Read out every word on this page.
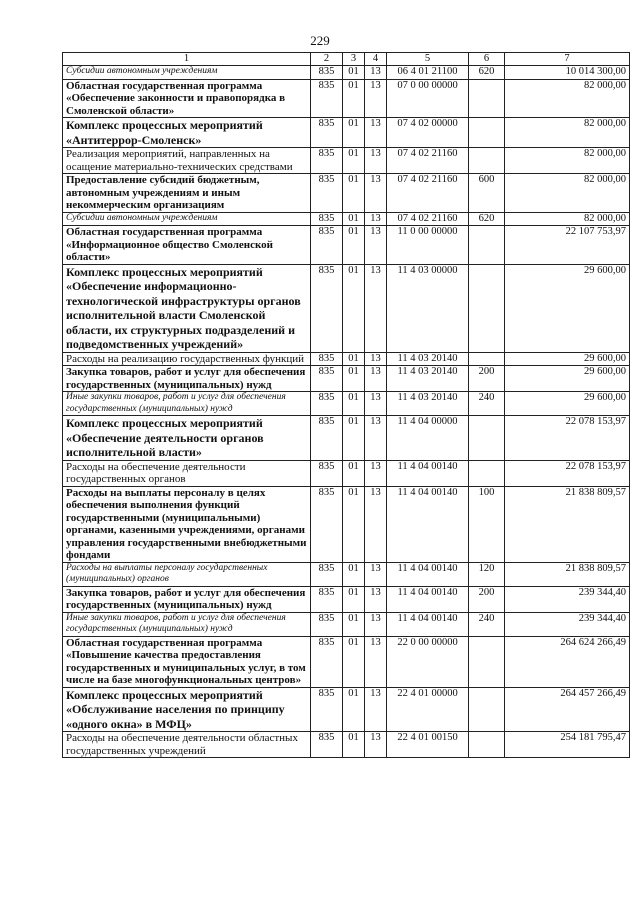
229
1	2	3	4	5	6	7
Субсидии автономным учреждениям	835	01	13	06 4 01 21100	620	10 014 300,00
Областная государственная программа «Обеспечение законности и правопорядка в Смоленской области»	835	01	13	07 0 00 00000		82 000,00
Комплекс процессных мероприятий «Антитеррор-Смоленск»	835	01	13	07 4 02 00000		82 000,00
Реализация мероприятий, направленных на осащение материально-технических средствами	835	01	13	07 4 02 21160		82 000,00
Предоставление субсидий бюджетным, автономным учреждениям и иным некоммерческим организациям	835	01	13	07 4 02 21160	600	82 000,00
Субсидии автономным учреждениям	835	01	13	07 4 02 21160	620	82 000,00
Областная государственная программа «Информационное общество Смоленской области»	835	01	13	11 0 00 00000		22 107 753,97
Комплекс процессных мероприятий «Обеспечение информационно-технологической инфраструктуры органов исполнительной власти Смоленской области, их структурных подразделений и подведомственных учреждений»	835	01	13	11 4 03 00000		29 600,00
Расходы на реализацию государственных функций	835	01	13	11 4 03 20140		29 600,00
Закупка товаров, работ и услуг для обеспечения государственных (муниципальных) нужд	835	01	13	11 4 03 20140	200	29 600,00
Иные закупки товаров, работ и услуг для обеспечения государственных (муниципальных) нужд	835	01	13	11 4 03 20140	240	29 600,00
Комплекс процессных мероприятий «Обеспечение деятельности органов исполнительной власти»	835	01	13	11 4 04 00000		22 078 153,97
Расходы на обеспечение деятельности государственных органов	835	01	13	11 4 04 00140		22 078 153,97
Расходы на выплаты персоналу в целях обеспечения выполнения функций государственными (муниципальными) органами, казенными учреждениями, органами управления государственными внебюджетными фондами	835	01	13	11 4 04 00140	100	21 838 809,57
Расходы на выплаты персоналу государственных (муниципальных) органов	835	01	13	11 4 04 00140	120	21 838 809,57
Закупка товаров, работ и услуг для обеспечения государственных (муниципальных) нужд	835	01	13	11 4 04 00140	200	239 344,40
Иные закупки товаров, работ и услуг для обеспечения государственных (муниципальных) нужд	835	01	13	11 4 04 00140	240	239 344,40
Областная государственная программа «Повышение качества предоставления государственных и муниципальных услуг, в том числе на базе многофункциональных центров»	835	01	13	22 0 00 00000		264 624 266,49
Комплекс процессных мероприятий «Обслуживание населения по принципу «одного окна» в МФЦ»	835	01	13	22 4 01 00000		264 457 266,49
Расходы на обеспечение деятельности областных государственных учреждений	835	01	13	22 4 01 00150		254 181 795,47
